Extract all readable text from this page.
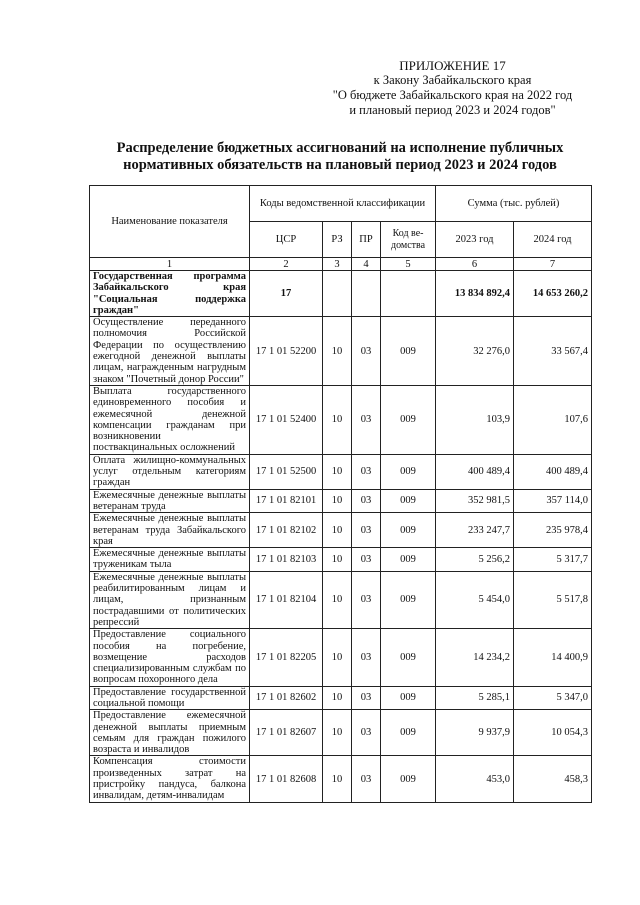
ПРИЛОЖЕНИЕ 17
к Закону Забайкальского края
"О бюджете Забайкальского края на 2022 год
и плановый период 2023 и 2024 годов"
Распределение бюджетных ассигнований на исполнение публичных
нормативных обязательств на плановый период 2023 и 2024 годов
Наименование показателя	Коды ведомственной классификации				Сумма (тыс. рублей)	
	ЦСР	РЗ	ПР	Код ве-домства	2023 год	2024 год
1	2	3	4	5	6	7
Государственная программа Забайкальского края "Социальная поддержка граждан"	17				13 834 892,4	14 653 260,2
Осуществление переданного полномочия Российской Федерации по осуществлению ежегодной денежной выплаты лицам, награжденным нагрудным знаком "Почетный донор России"	17 1 01 52200	10	03	009	32 276,0	33 567,4
Выплата государственного единовременного пособия и ежемесячной денежной компенсации гражданам при возникновении поствакцинальных осложнений	17 1 01 52400	10	03	009	103,9	107,6
Оплата жилищно-коммунальных услуг отдельным категориям граждан	17 1 01 52500	10	03	009	400 489,4	400 489,4
Ежемесячные денежные выплаты ветеранам труда	17 1 01 82101	10	03	009	352 981,5	357 114,0
Ежемесячные денежные выплаты ветеранам труда Забайкальского края	17 1 01 82102	10	03	009	233 247,7	235 978,4
Ежемесячные денежные выплаты труженикам тыла	17 1 01 82103	10	03	009	5 256,2	5 317,7
Ежемесячные денежные выплаты реабилитированным лицам и лицам, признанным пострадавшими от политических репрессий	17 1 01 82104	10	03	009	5 454,0	5 517,8
Предоставление социального пособия на погребение, возмещение расходов специализированным службам по вопросам похоронного дела	17 1 01 82205	10	03	009	14 234,2	14 400,9
Предоставление государственной социальной помощи	17 1 01 82602	10	03	009	5 285,1	5 347,0
Предоставление ежемесячной денежной выплаты приемным семьям для граждан пожилого возраста и инвалидов	17 1 01 82607	10	03	009	9 937,9	10 054,3
Компенсация стоимости произведенных затрат на пристройку пандуса, балкона инвалидам, детям-инвалидам	17 1 01 82608	10	03	009	453,0	458,3
